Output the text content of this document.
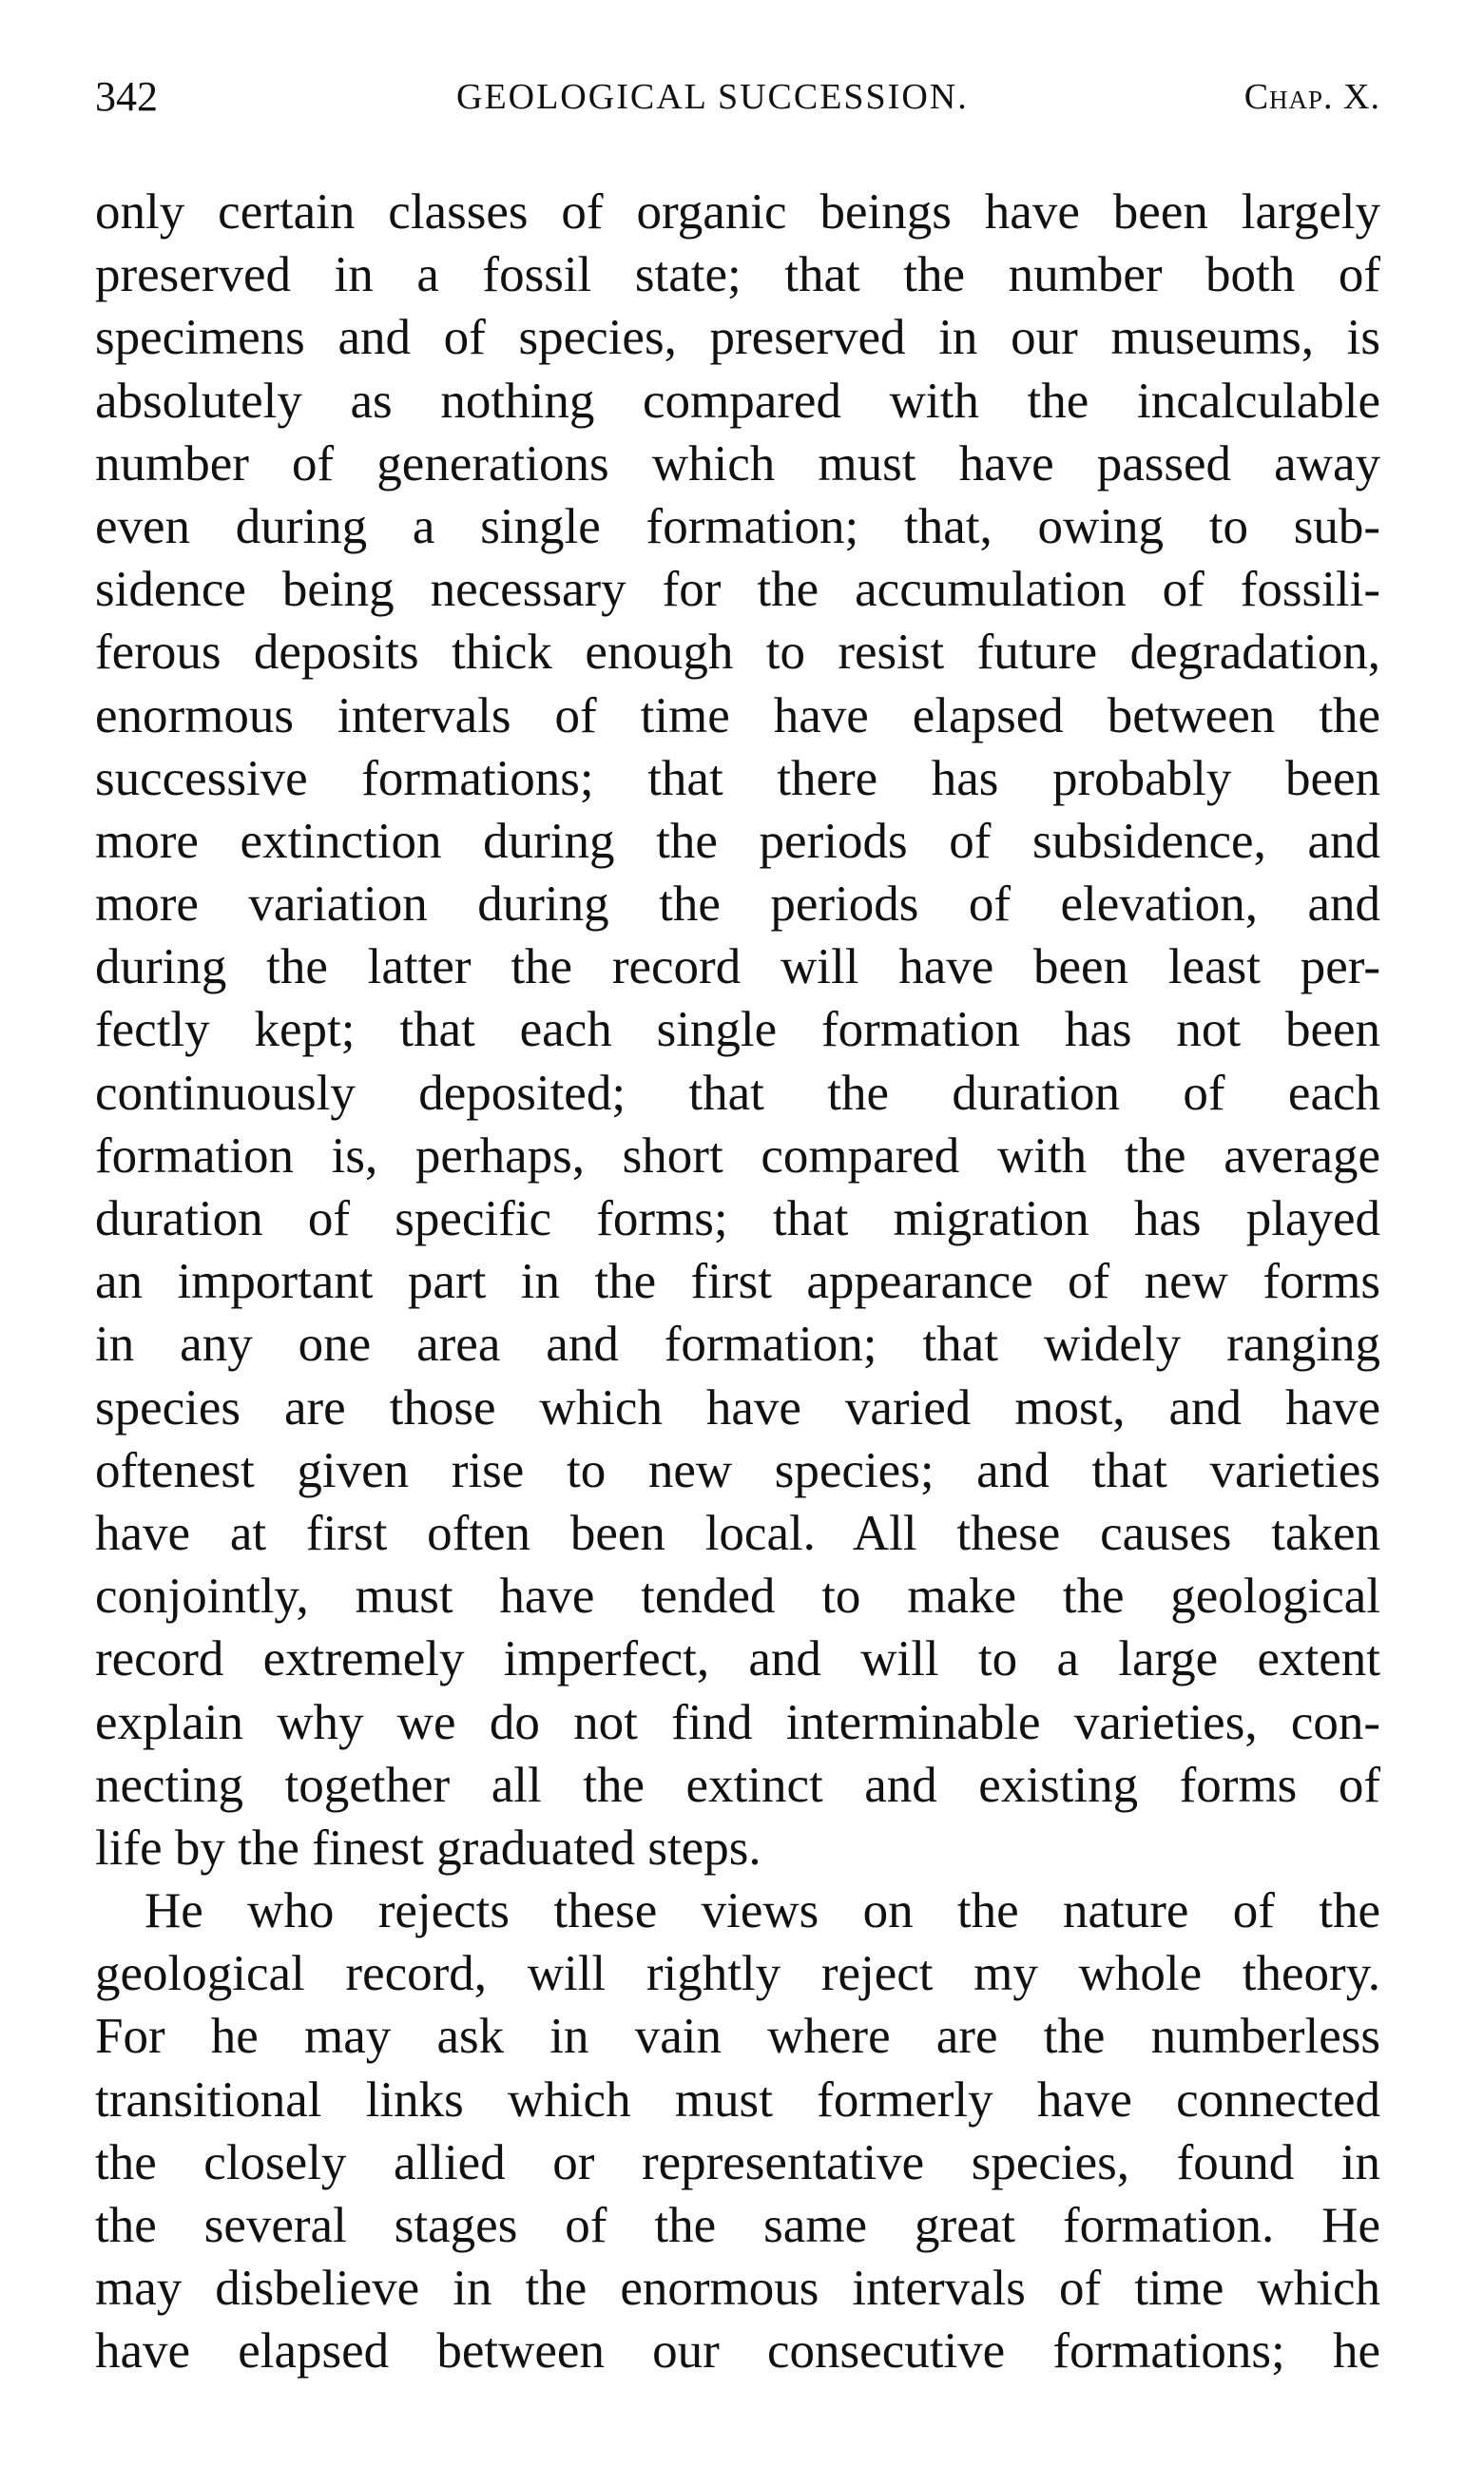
342	GEOLOGICAL SUCCESSION.	Chap. X.
only certain classes of organic beings have been largely
preserved in a fossil state; that the number both of
specimens and of species, preserved in our museums, is
absolutely as nothing compared with the incalculable
number of generations which must have passed away
even during a single formation; that, owing to sub-
sidence being necessary for the accumulation of fossili-
ferous deposits thick enough to resist future degradation,
enormous intervals of time have elapsed between the
successive formations; that there has probably been
more extinction during the periods of subsidence, and
more variation during the periods of elevation, and
during the latter the record will have been least per-
fectly kept; that each single formation has not been
continuously deposited; that the duration of each
formation is, perhaps, short compared with the average
duration of specific forms; that migration has played
an important part in the first appearance of new forms
in any one area and formation; that widely ranging
species are those which have varied most, and have
oftenest given rise to new species; and that varieties
have at first often been local. All these causes taken
conjointly, must have tended to make the geological
record extremely imperfect, and will to a large extent
explain why we do not find interminable varieties, con-
necting together all the extinct and existing forms of
life by the finest graduated steps.
He who rejects these views on the nature of the
geological record, will rightly reject my whole theory.
For he may ask in vain where are the numberless
transitional links which must formerly have connected
the closely allied or representative species, found in
the several stages of the same great formation. He
may disbelieve in the enormous intervals of time which
have elapsed between our consecutive formations; he
